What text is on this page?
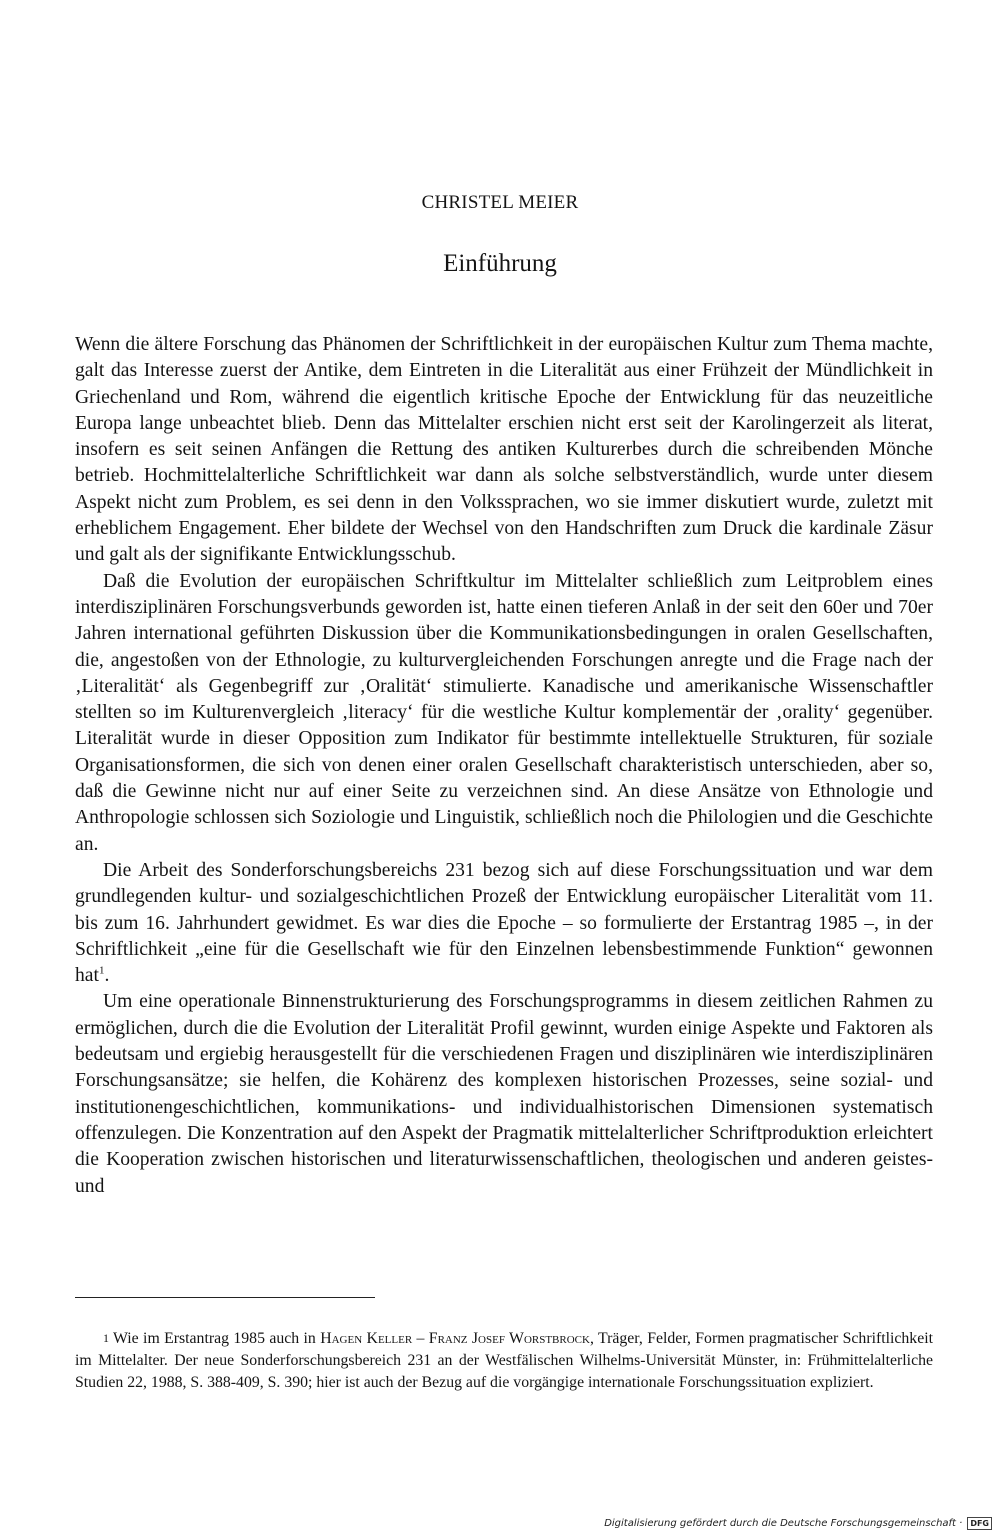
CHRISTEL MEIER
Einführung

Wenn die ältere Forschung das Phänomen der Schriftlichkeit in der europäischen Kultur zum Thema machte, galt das Interesse zuerst der Antike, dem Eintreten in die Literalität aus einer Frühzeit der Mündlichkeit in Griechenland und Rom, während die eigentlich kritische Epoche der Entwicklung für das neuzeitliche Europa lange unbeachtet blieb. Denn das Mittelalter erschien nicht erst seit der Karolingerzeit als literat, insofern es seit seinen Anfängen die Rettung des antiken Kulturerbes durch die schreibenden Mönche betrieb. Hochmittelalterliche Schriftlichkeit war dann als solche selbstverständlich, wurde unter diesem Aspekt nicht zum Problem, es sei denn in den Volkssprachen, wo sie immer diskutiert wurde, zuletzt mit erheblichem Engagement. Eher bildete der Wechsel von den Handschriften zum Druck die kardinale Zäsur und galt als der signifikante Entwicklungsschub.

Daß die Evolution der europäischen Schriftkultur im Mittelalter schließlich zum Leitproblem eines interdisziplinären Forschungsverbunds geworden ist, hatte einen tieferen Anlaß in der seit den 60er und 70er Jahren international geführten Diskussion über die Kommunikationsbedingungen in oralen Gesellschaften, die, angestoßen von der Ethnologie, zu kulturvergleichenden Forschungen anregte und die Frage nach der ‚Literalität‘ als Gegenbegriff zur ‚Oralität‘ stimulierte. Kanadische und amerikanische Wissenschaftler stellten so im Kulturenvergleich ‚literacy‘ für die westliche Kultur komplementär der ‚orality‘ gegenüber. Literalität wurde in dieser Opposition zum Indikator für bestimmte intellektuelle Strukturen, für soziale Organisationsformen, die sich von denen einer oralen Gesellschaft charakteristisch unterschieden, aber so, daß die Gewinne nicht nur auf einer Seite zu verzeichnen sind. An diese Ansätze von Ethnologie und Anthropologie schlossen sich Soziologie und Linguistik, schließlich noch die Philologien und die Geschichte an.

Die Arbeit des Sonderforschungsbereichs 231 bezog sich auf diese Forschungssituation und war dem grundlegenden kultur- und sozialgeschichtlichen Prozeß der Entwicklung europäischer Literalität vom 11. bis zum 16. Jahrhundert gewidmet. Es war dies die Epoche – so formulierte der Erstantrag 1985 –, in der Schriftlichkeit „eine für die Gesellschaft wie für den Einzelnen lebensbestimmende Funktion“ gewonnen hat$^1$.

Um eine operationale Binnenstrukturierung des Forschungsprogramms in diesem zeitlichen Rahmen zu ermöglichen, durch die die Evolution der Literalität Profil gewinnt, wurden einige Aspekte und Faktoren als bedeutsam und ergiebig herausgestellt für die verschiedenen Fragen und disziplinären wie interdisziplinären Forschungsansätze; sie helfen, die Kohärenz des komplexen historischen Prozesses, seine sozial- und institutionengeschichtlichen, kommunikations- und individualhistorischen Dimensionen systematisch offenzulegen. Die Konzentration auf den Aspekt der Pragmatik mittelalterlicher Schriftproduktion erleichtert die Kooperation zwischen historischen und literaturwissenschaftlichen, theologischen und anderen geistes- und

1 Wie im Erstantrag 1985 auch in Hagen Keller – Franz Josef Worstbrock, Träger, Felder, Formen pragmatischer Schriftlichkeit im Mittelalter. Der neue Sonderforschungsbereich 231 an der Westfälischen Wilhelms-Universität Münster, in: Frühmittelalterliche Studien 22, 1988, S. 388-409, S. 390; hier ist auch der Bezug auf die vorgängige internationale Forschungssituation expliziert.

Digitalisierung gefördert durch die Deutsche Forschungsgemeinschaft ·	DFG
